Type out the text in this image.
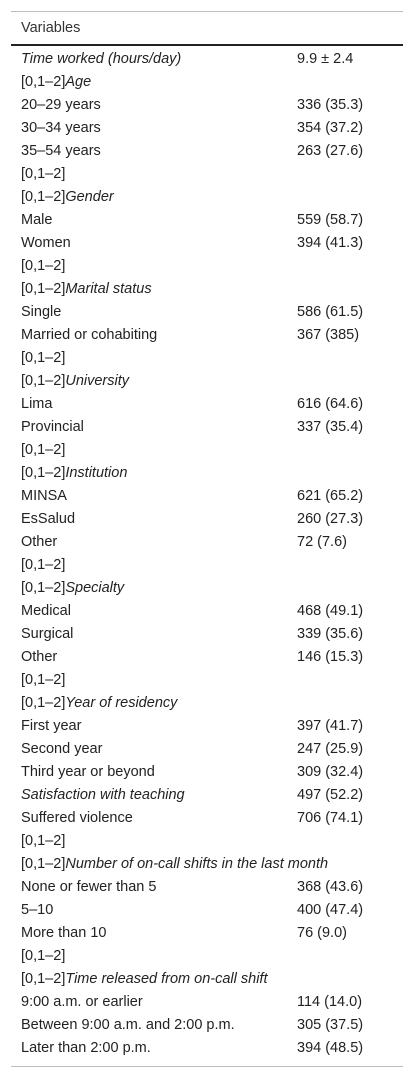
Variables
Time worked (hours/day)	9.9 ± 2.4
[0,1–2]Age
20–29 years	336 (35.3)
30–34 years	354 (37.2)
35–54 years	263 (27.6)
[0,1–2]
[0,1–2]Gender
Male	559 (58.7)
Women	394 (41.3)
[0,1–2]
[0,1–2]Marital status
Single	586 (61.5)
Married or cohabiting	367 (385)
[0,1–2]
[0,1–2]University
Lima	616 (64.6)
Provincial	337 (35.4)
[0,1–2]
[0,1–2]Institution
MINSA	621 (65.2)
EsSalud	260 (27.3)
Other	72 (7.6)
[0,1–2]
[0,1–2]Specialty
Medical	468 (49.1)
Surgical	339 (35.6)
Other	146 (15.3)
[0,1–2]
[0,1–2]Year of residency
First year	397 (41.7)
Second year	247 (25.9)
Third year or beyond	309 (32.4)
Satisfaction with teaching	497 (52.2)
Suffered violence	706 (74.1)
[0,1–2]
[0,1–2]Number of on-call shifts in the last month
None or fewer than 5	368 (43.6)
5–10	400 (47.4)
More than 10	76 (9.0)
[0,1–2]
[0,1–2]Time released from on-call shift
9:00 a.m. or earlier	114 (14.0)
Between 9:00 a.m. and 2:00 p.m.	305 (37.5)
Later than 2:00 p.m.	394 (48.5)
